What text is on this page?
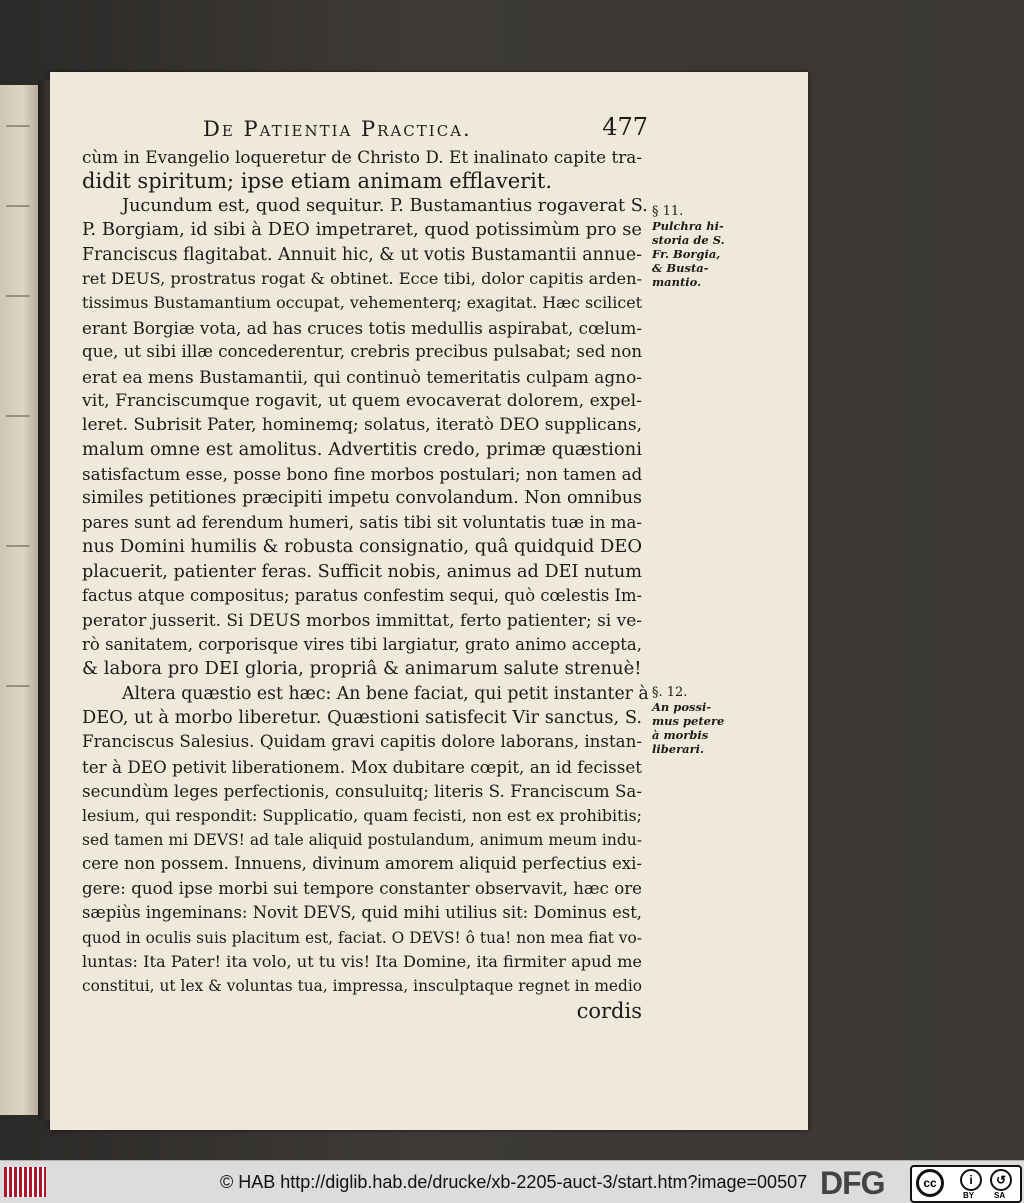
De Patientia Practica.	477
cùm in Evangelio loqueretur de Christo D. Et inalinato capite tra-
didit spiritum; ipse etiam animam efflaverit.
Jucundum est, quod sequitur. P. Bustamantius rogaverat S.
P. Borgiam, id sibi à DEO impetraret, quod potissimùm pro se
Franciscus flagitabat. Annuit hic, & ut votis Bustamantii annue-
ret DEUS, prostratus rogat & obtinet. Ecce tibi, dolor capitis arden-
tissimus Bustamantium occupat, vehementerq; exagitat. Hæc scilicet
erant Borgiæ vota, ad has cruces totis medullis aspirabat, cœlum-
que, ut sibi illæ concederentur, crebris precibus pulsabat; sed non
erat ea mens Bustamantii, qui continuò temeritatis culpam agno-
vit, Franciscumque rogavit, ut quem evocaverat dolorem, expel-
leret. Subrisit Pater, hominemq; solatus, iteratò DEO supplicans,
malum omne est amolitus. Advertitis credo, primæ quæstioni
satisfactum esse, posse bono fine morbos postulari; non tamen ad
similes petitiones præcipiti impetu convolandum. Non omnibus
pares sunt ad ferendum humeri, satis tibi sit voluntatis tuæ in ma-
nus Domini humilis & robusta consignatio, quâ quidquid DEO
placuerit, patienter feras. Sufficit nobis, animus ad DEI nutum
factus atque compositus; paratus confestim sequi, quò cœlestis Im-
perator jusserit. Si DEUS morbos immittat, ferto patienter; si ve-
rò sanitatem, corporisque vires tibi largiatur, grato animo accepta,
& labora pro DEI gloria, propriâ & animarum salute strenuè!
Altera quæstio est hæc: An bene faciat, qui petit instanter à
DEO, ut à morbo liberetur. Quæstioni satisfecit Vir sanctus, S.
Franciscus Salesius. Quidam gravi capitis dolore laborans, instan-
ter à DEO petivit liberationem. Mox dubitare cœpit, an id fecisset
secundùm leges perfectionis, consuluitq; literis S. Franciscum Sa-
lesium, qui respondit: Supplicatio, quam fecisti, non est ex prohibitis;
sed tamen mi DEVS! ad tale aliquid postulandum, animum meum indu-
cere non possem. Innuens, divinum amorem aliquid perfectius exi-
gere: quod ipse morbi sui tempore constanter observavit, hæc ore
sæpiùs ingeminans: Novit DEVS, quid mihi utilius sit: Dominus est,
quod in oculis suis placitum est, faciat. O DEVS! ô tua! non mea fiat vo-
luntas: Ita Pater! ita volo, ut tu vis! Ita Domine, ita firmiter apud me
constitui, ut lex & voluntas tua, impressa, insculptaque regnet in medio
cordis
§ 11.
Pulchra hi-
storia de S.
Fr. Borgia,
& Busta-
mantio.
§. 12.
An possi-
mus petere
à morbis
liberari.
© HAB http://diglib.hab.de/drucke/xb-2205-auct-3/start.htm?image=00507 DFG	cc	i	↺
BY SA
